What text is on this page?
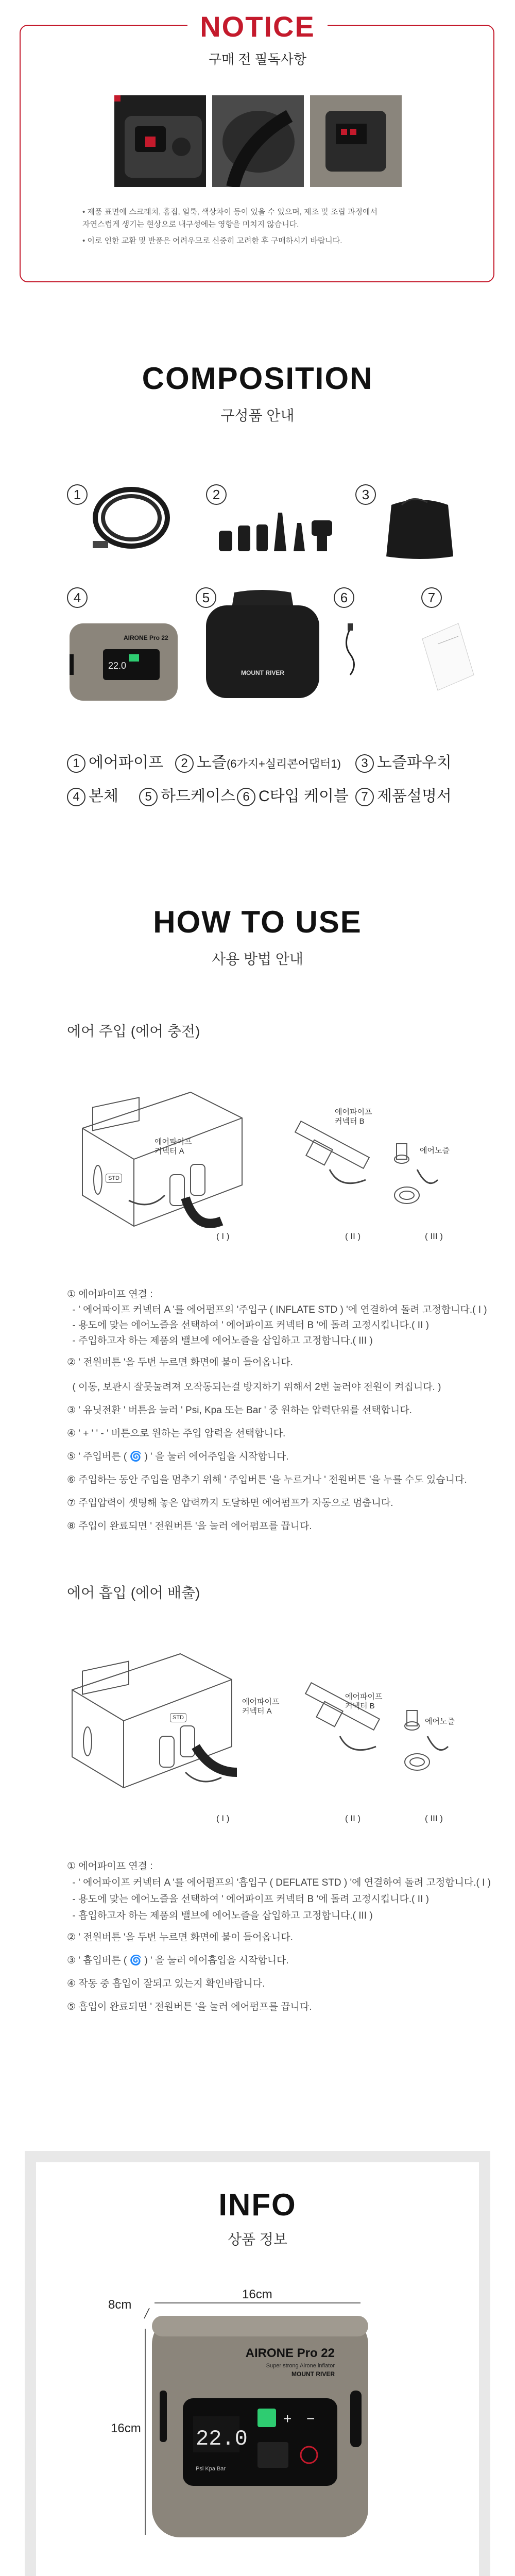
NOTICE
구매 전 필독사항
• 제품 표면에 스크래치, 흠집, 얼룩, 색상차이 등이 있을 수 있으며, 제조 및 조립 과정에서
자연스럽게 생기는 현상으로 내구성에는 영향을 미치지 않습니다.
• 이로 인한 교환 및 반품은 어려우므로 신중히 고려한 후 구매하시기 바랍니다.
COMPOSITION
구성품 안내
1	2	3
4	5	6	7
22.0
AIRONE Pro 22
MOUNT RIVER
1 에어파이프	2 노즐(6가지+실리콘어댑터1)	3 노즐파우치
4 본체	5 하드케이스 6 C타입 케이블	7 제품설명서
HOW TO USE
사용 방법 안내
에어 주입 (에어 충전)
STD
에어파이프
커넥터 A
에어파이프
커넥터 B
에어노즐
( I )	( II )	( III )
① 에어파이프 연결 :
- ' 에어파이프 커넥터 A '를 에어펌프의 '주입구 ( INFLATE STD ) '에 연결하여 돌려 고정합니다.( I )
- 용도에 맞는 에어노즐을 선택하여 ' 에어파이프 커넥터 B '에 돌려 고정시킵니다.( II )
- 주입하고자 하는 제품의 밸브에 에어노즐을 삽입하고 고정합니다.( III )
② ' 전원버튼 '을 두번 누르면 화면에 불이 들어옵니다.
( 이동, 보관시 잘못눌려져 오작동되는걸 방지하기 위해서 2번 눌러야 전원이 켜집니다. )
③ ' 유닛전환 ' 버튼을 눌러 ' Psi, Kpa 또는 Bar ' 중 원하는 압력단위를 선택합니다.
④ ' + ' ' - ' 버튼으로 원하는 주입 압력을 선택합니다.
⑤ ' 주입버튼 ( 🌀 ) ' 을 눌러 에어주입을 시작합니다.
⑥ 주입하는 동안 주입을 멈추기 위해 ' 주입버튼 '을 누르거나 ' 전원버튼 '을 누를 수도 있습니다.
⑦ 주입압력이 셋팅해 놓은 압력까지 도달하면 에어펌프가 자동으로 멈춥니다.
⑧ 주입이 완료되면 ' 전원버튼 '을 눌러 에어펌프를 끕니다.
에어 흡입 (에어 배출)
STD
에어파이프
커넥터 A
에어파이프
커넥터 B
에어노즐
( I )	( II )	( III )
① 에어파이프 연결 :
- ' 에어파이프 커넥터 A '를 에어펌프의 '흡입구 ( DEFLATE STD ) '에 연결하여 돌려 고정합니다.( I )
- 용도에 맞는 에어노즐을 선택하여 ' 에어파이프 커넥터 B '에 돌려 고정시킵니다.( II )
- 흡입하고자 하는 제품의 밸브에 에어노즐을 삽입하고 고정합니다.( III )
② ' 전원버튼 '을 두번 누르면 화면에 불이 들어옵니다.
③ ' 흡입버튼 ( 🌀 ) ' 을 눌러 에어흡입을 시작합니다.
④ 작동 중 흡입이 잘되고 있는지 확인바랍니다.
⑤ 흡입이 완료되면 ' 전원버튼 '을 눌러 에어펌프를 끕니다.
INFO
상품 정보
8cm
16cm
16cm
AIRONE Pro 22
Super strong Airone inflator
MOUNT RIVER
22.0
+ −
Psi Kpa Bar
